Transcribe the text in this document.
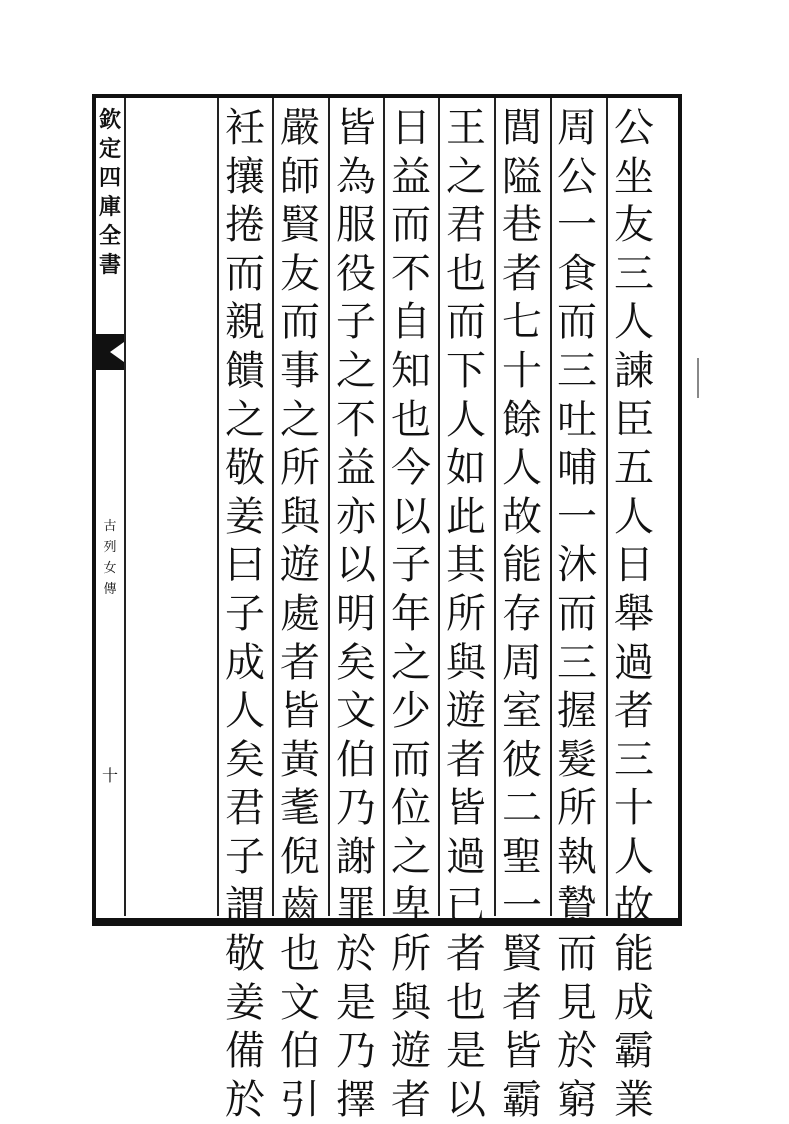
欽定四庫全書
古列女傳
十
公坐友三人諫臣五人日舉過者三十人故能成霸業
周公一食而三吐哺一沐而三握髮所執贄而見於窮
閭隘巷者七十餘人故能存周室彼二聖一賢者皆霸
王之君也而下人如此其所與遊者皆過已者也是以
日益而不自知也今以子年之少而位之卑所與遊者
皆為服役子之不益亦以明矣文伯乃謝罪於是乃擇
嚴師賢友而事之所與遊處者皆黃耄倪齒也文伯引
衽攘捲而親饋之敬姜曰子成人矣君子謂敬姜備於
